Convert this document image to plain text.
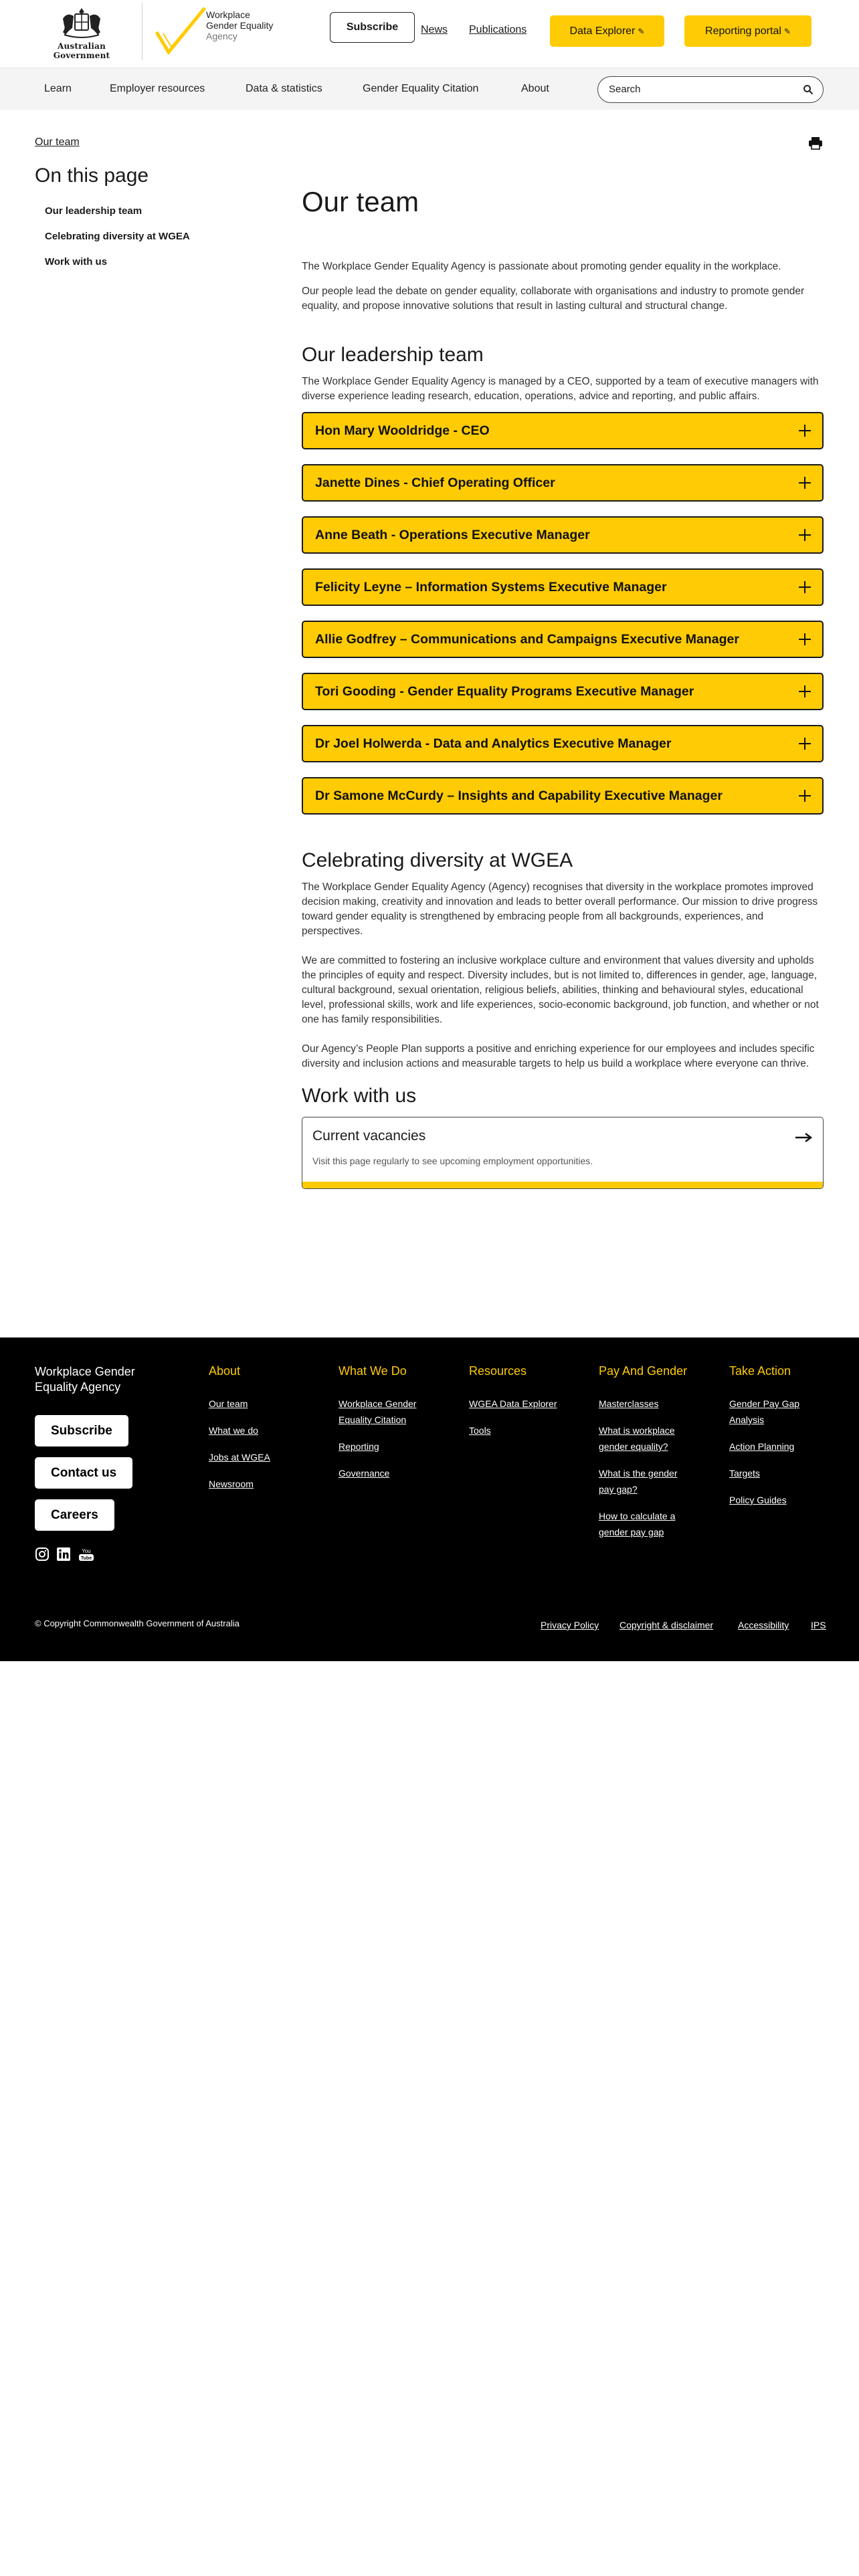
Australian Government
Workplace
Gender Equality
Agency
Subscribe	News Publications	Data Explorer ✎	Reporting portal ✎
Learn	Employer resources	Data & statistics	Gender Equality Citation	About
Search
Our team
On this page
Our leadership team
Celebrating diversity at WGEA
Work with us
Our team

The Workplace Gender Equality Agency is passionate about promoting gender equality in the workplace.

Our people lead the debate on gender equality, collaborate with organisations and industry to promote gender equality, and propose innovative solutions that result in lasting cultural and structural change.

Our leadership team

The Workplace Gender Equality Agency is managed by a CEO, supported by a team of executive managers with diverse experience leading research, education, operations, advice and reporting, and public affairs.

Hon Mary Wooldridge - CEO
Janette Dines - Chief Operating Officer
Anne Beath - Operations Executive Manager
Felicity Leyne – Information Systems Executive Manager
Allie Godfrey – Communications and Campaigns Executive Manager
Tori Gooding - Gender Equality Programs Executive Manager
Dr Joel Holwerda - Data and Analytics Executive Manager
Dr Samone McCurdy – Insights and Capability Executive Manager
Celebrating diversity at WGEA

The Workplace Gender Equality Agency (Agency) recognises that diversity in the workplace promotes improved decision making, creativity and innovation and leads to better overall performance. Our mission to drive progress toward gender equality is strengthened by embracing people from all backgrounds, experiences, and perspectives.

We are committed to fostering an inclusive workplace culture and environment that values diversity and upholds the principles of equity and respect. Diversity includes, but is not limited to, differences in gender, age, language, cultural background, sexual orientation, religious beliefs, abilities, thinking and behavioural styles, educational level, professional skills, work and life experiences, socio-economic background, job function, and whether or not one has family responsibilities.

Our Agency’s People Plan supports a positive and enriching experience for our employees and includes specific diversity and inclusion actions and measurable targets to help us build a workplace where everyone can thrive.

Work with us
Current vacancies
Visit this page regularly to see upcoming employment opportunities.
Workplace Gender Equality Agency
Subscribe
Contact us
Careers
You
Tube
About
Our team
What we do
Jobs at WGEA
Newsroom
What We Do
Workplace Gender Equality Citation
Reporting
Governance
Resources
WGEA Data Explorer
Tools
Pay And Gender
Masterclasses
What is workplace gender equality?
What is the gender pay gap?
How to calculate a gender pay gap
Take Action
Gender Pay Gap Analysis
Action Planning
Targets
Policy Guides
© Copyright Commonwealth Government of Australia	Privacy Policy Copyright & disclaimer	Accessibility IPS
